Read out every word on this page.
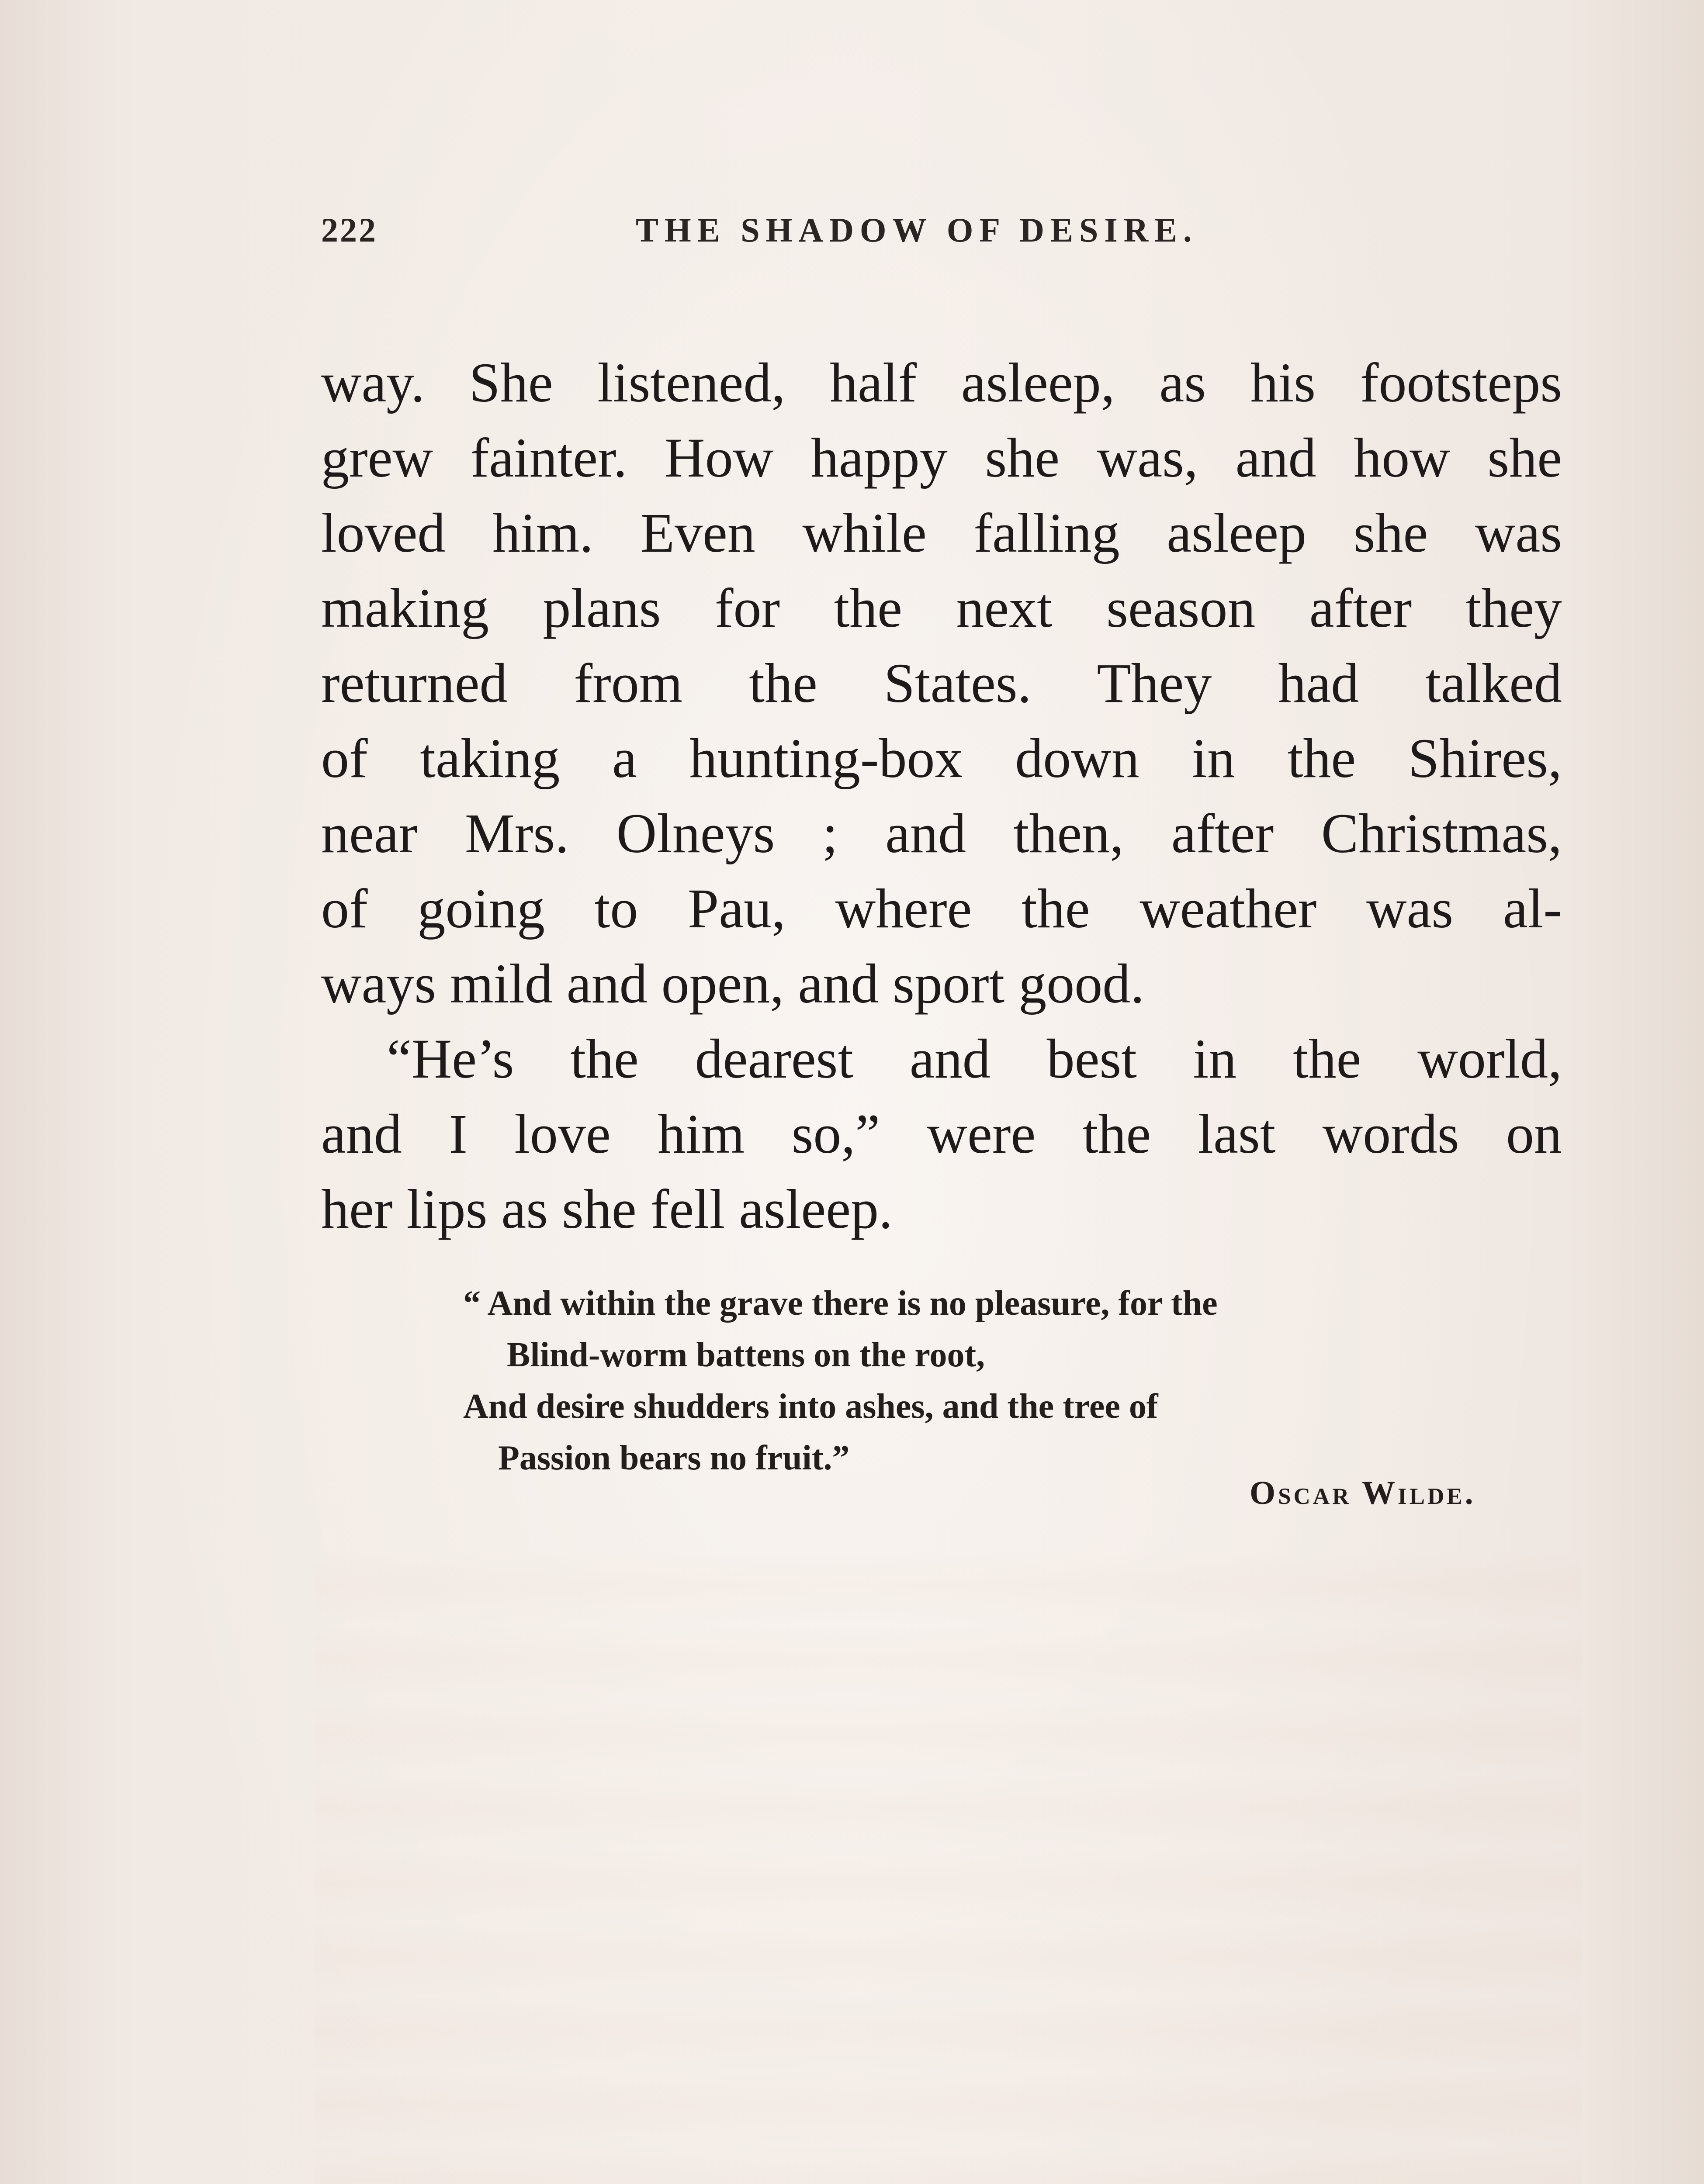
222	THE SHADOW OF DESIRE.
way. She listened, half asleep, as his footsteps
grew fainter. How happy she was, and how she
loved him. Even while falling asleep she was
making plans for the next season after they
returned from the States. They had talked
of taking a hunting-box down in the Shires,
near Mrs. Olneys ; and then, after Christmas,
of going to Pau, where the weather was al-
ways mild and open, and sport good.
“He’s the dearest and best in the world,
and I love him so,” were the last words on
her lips as she fell asleep.
“ And within the grave there is no pleasure, for the
Blind-worm battens on the root,
And desire shudders into ashes, and the tree of
Passion bears no fruit.”
Oscar Wilde.
